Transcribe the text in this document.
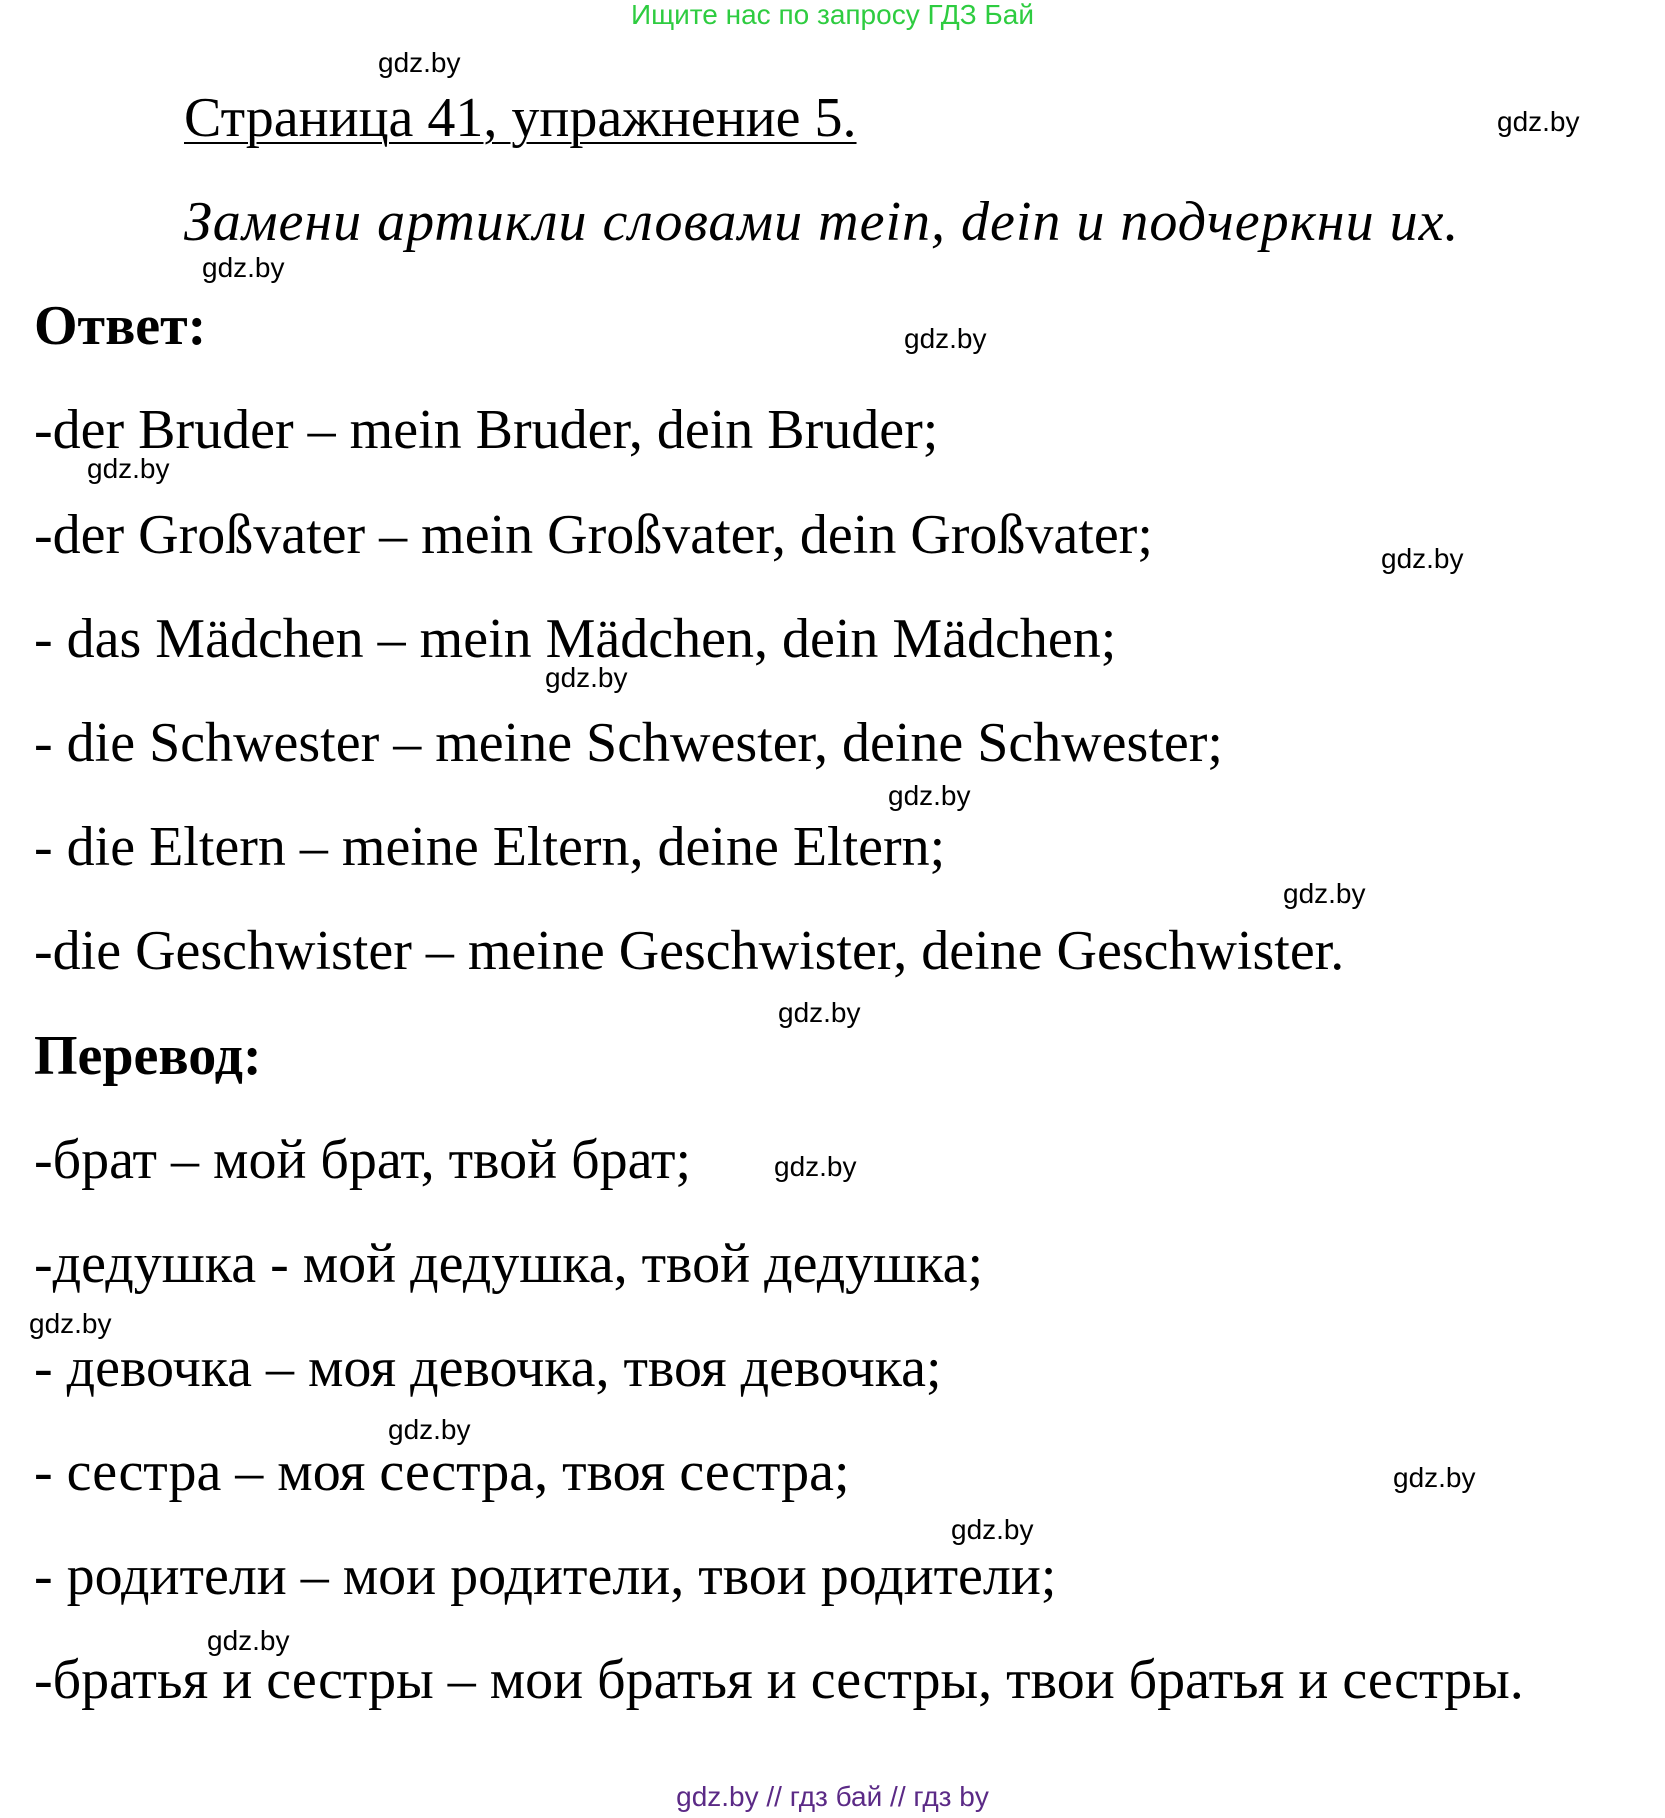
Ищите нас по запросу ГДЗ Бай
gdz.by
Страница 41, упражнение 5.	gdz.by
Замени артикли словами mein, dein и подчеркни их.
gdz.by
Ответ:	gdz.by
-der Bruder – mein Bruder, dein Bruder;
gdz.by
-der Großvater – mein Großvater, dein Großvater;	gdz.by
- das Mädchen – mein Mädchen, dein Mädchen;
gdz.by
- die Schwester – meine Schwester, deine Schwester;
gdz.by
- die Eltern – meine Eltern, deine Eltern;
gdz.by
-die Geschwister – meine Geschwister, deine Geschwister.
gdz.by
Перевод:
-брат – мой брат, твой брат;	gdz.by
-дедушка - мой дедушка, твой дедушка;
gdz.by
- девочка – моя девочка, твоя девочка;
gdz.by
- сестра – моя сестра, твоя сестра;	gdz.by
gdz.by
- родители – мои родители, твои родители;
gdz.by
-братья и сестры – мои братья и сестры, твои братья и сестры.
gdz.by // гдз бай // гдз by
